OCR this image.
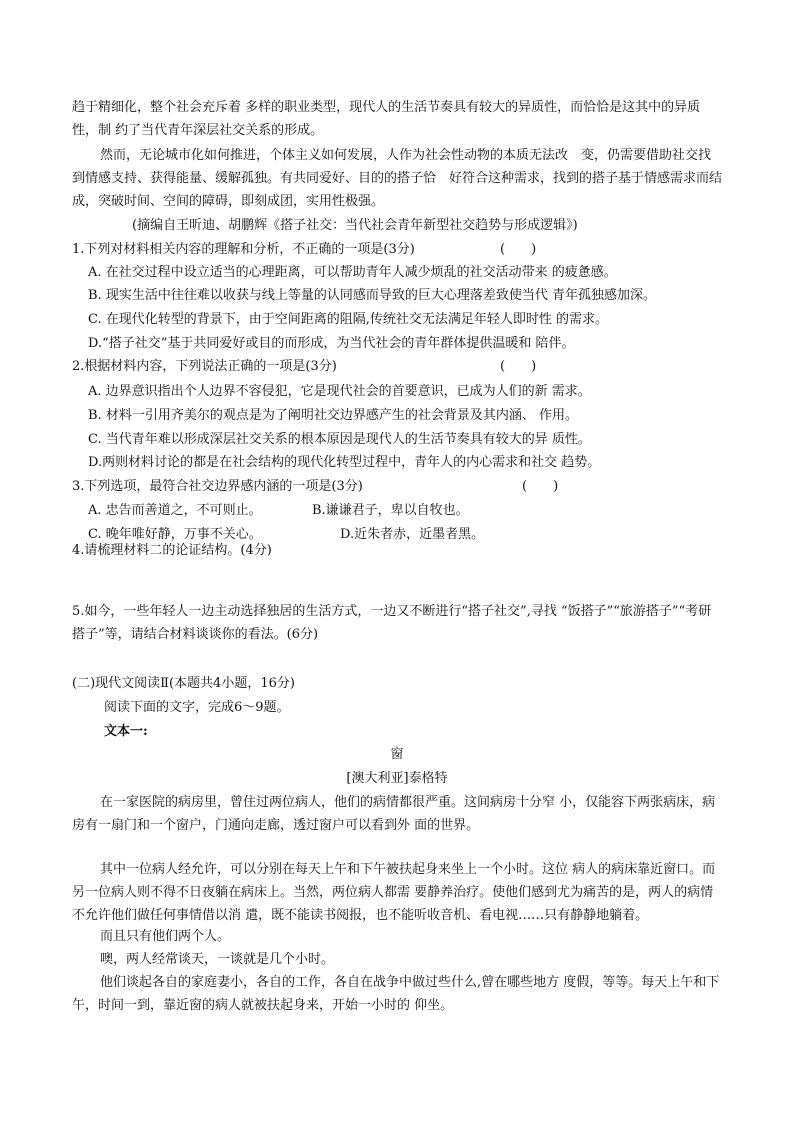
趋于精细化，整个社会充斥着 多样的职业类型，现代人的生活节奏具有较大的异质性，而恰恰是这其中的异质性，制 约了当代青年深层社交关系的形成。

然而，无论城市化如何推进，个体主义如何发展，人作为社会性动物的本质无法改　变，仍需要借助社交找到情感支持、获得能量、缓解孤独。有共同爱好、目的的搭子恰　好符合这种需求，找到的搭子基于情感需求而结成，突破时间、空间的障碍，即刻成团，实用性极强。

(摘编自王昕迪、胡鹏辉《搭子社交：当代社会青年新型社交趋势与形成逻辑》)

1.下列对材料相关内容的理解和分析，不正确的一项是(3分)	(　　)

A. 在社交过程中设立适当的心理距离，可以帮助青年人减少烦乱的社交活动带来 的疲惫感。

B. 现实生活中往往难以收获与线上等量的认同感而导致的巨大心理落差致使当代 青年孤独感加深。

C. 在现代化转型的背景下，由于空间距离的阻隔,传统社交无法满足年轻人即时性 的需求。

D.“搭子社交”基于共同爱好或目的而形成，为当代社会的青年群体提供温暖和 陪伴。

2.根据材料内容，下列说法正确的一项是(3分)	(　　)

A. 边界意识指出个人边界不容侵犯，它是现代社会的首要意识，已成为人们的新 需求。

B. 材料一引用齐美尔的观点是为了阐明社交边界感产生的社会背景及其内涵、 作用。

C. 当代青年难以形成深层社交关系的根本原因是现代人的生活节奏具有较大的异 质性。

D.两则材料讨论的都是在社会结构的现代化转型过程中，青年人的内心需求和社交 趋势。

3.下列选项，最符合社交边界感内涵的一项是(3分)	(　　)

A. 忠告而善道之，不可则止。	B.谦谦君子，卑以自牧也。

C. 晚年唯好静，万事不关心。	D.近朱者赤，近墨者黑。

4.请梳理材料二的论证结构。(4分)

5.如今，一些年轻人一边主动选择独居的生活方式，一边又不断进行“搭子社交”,寻找 “饭搭子”“旅游搭子”“考研搭子”等，请结合材料谈谈你的看法。(6分)

(二)现代文阅读Ⅱ(本题共4小题，16分)

阅读下面的文字，完成6～9题。

文本一:

窗

[澳大利亚]泰格特

在一家医院的病房里，曾住过两位病人，他们的病情都很严重。这间病房十分窄 小，仅能容下两张病床，病房有一扇门和一个窗户，门通向走廊，透过窗户可以看到外 面的世界。

其中一位病人经允许，可以分别在每天上午和下午被扶起身来坐上一个小时。这位 病人的病床靠近窗口。而另一位病人则不得不日夜躺在病床上。当然，两位病人都需 要静养治疗。使他们感到尤为痛苦的是，两人的病情不允许他们做任何事情借以消 遣，既不能读书阅报，也不能听收音机、看电视……只有静静地躺着。

而且只有他们两个人。

噢，两人经常谈天，一谈就是几个小时。

他们谈起各自的家庭妻小，各自的工作，各自在战争中做过些什么,曾在哪些地方 度假，等等。每天上午和下午，时间一到，靠近窗的病人就被扶起身来，开始一小时的 仰坐。
